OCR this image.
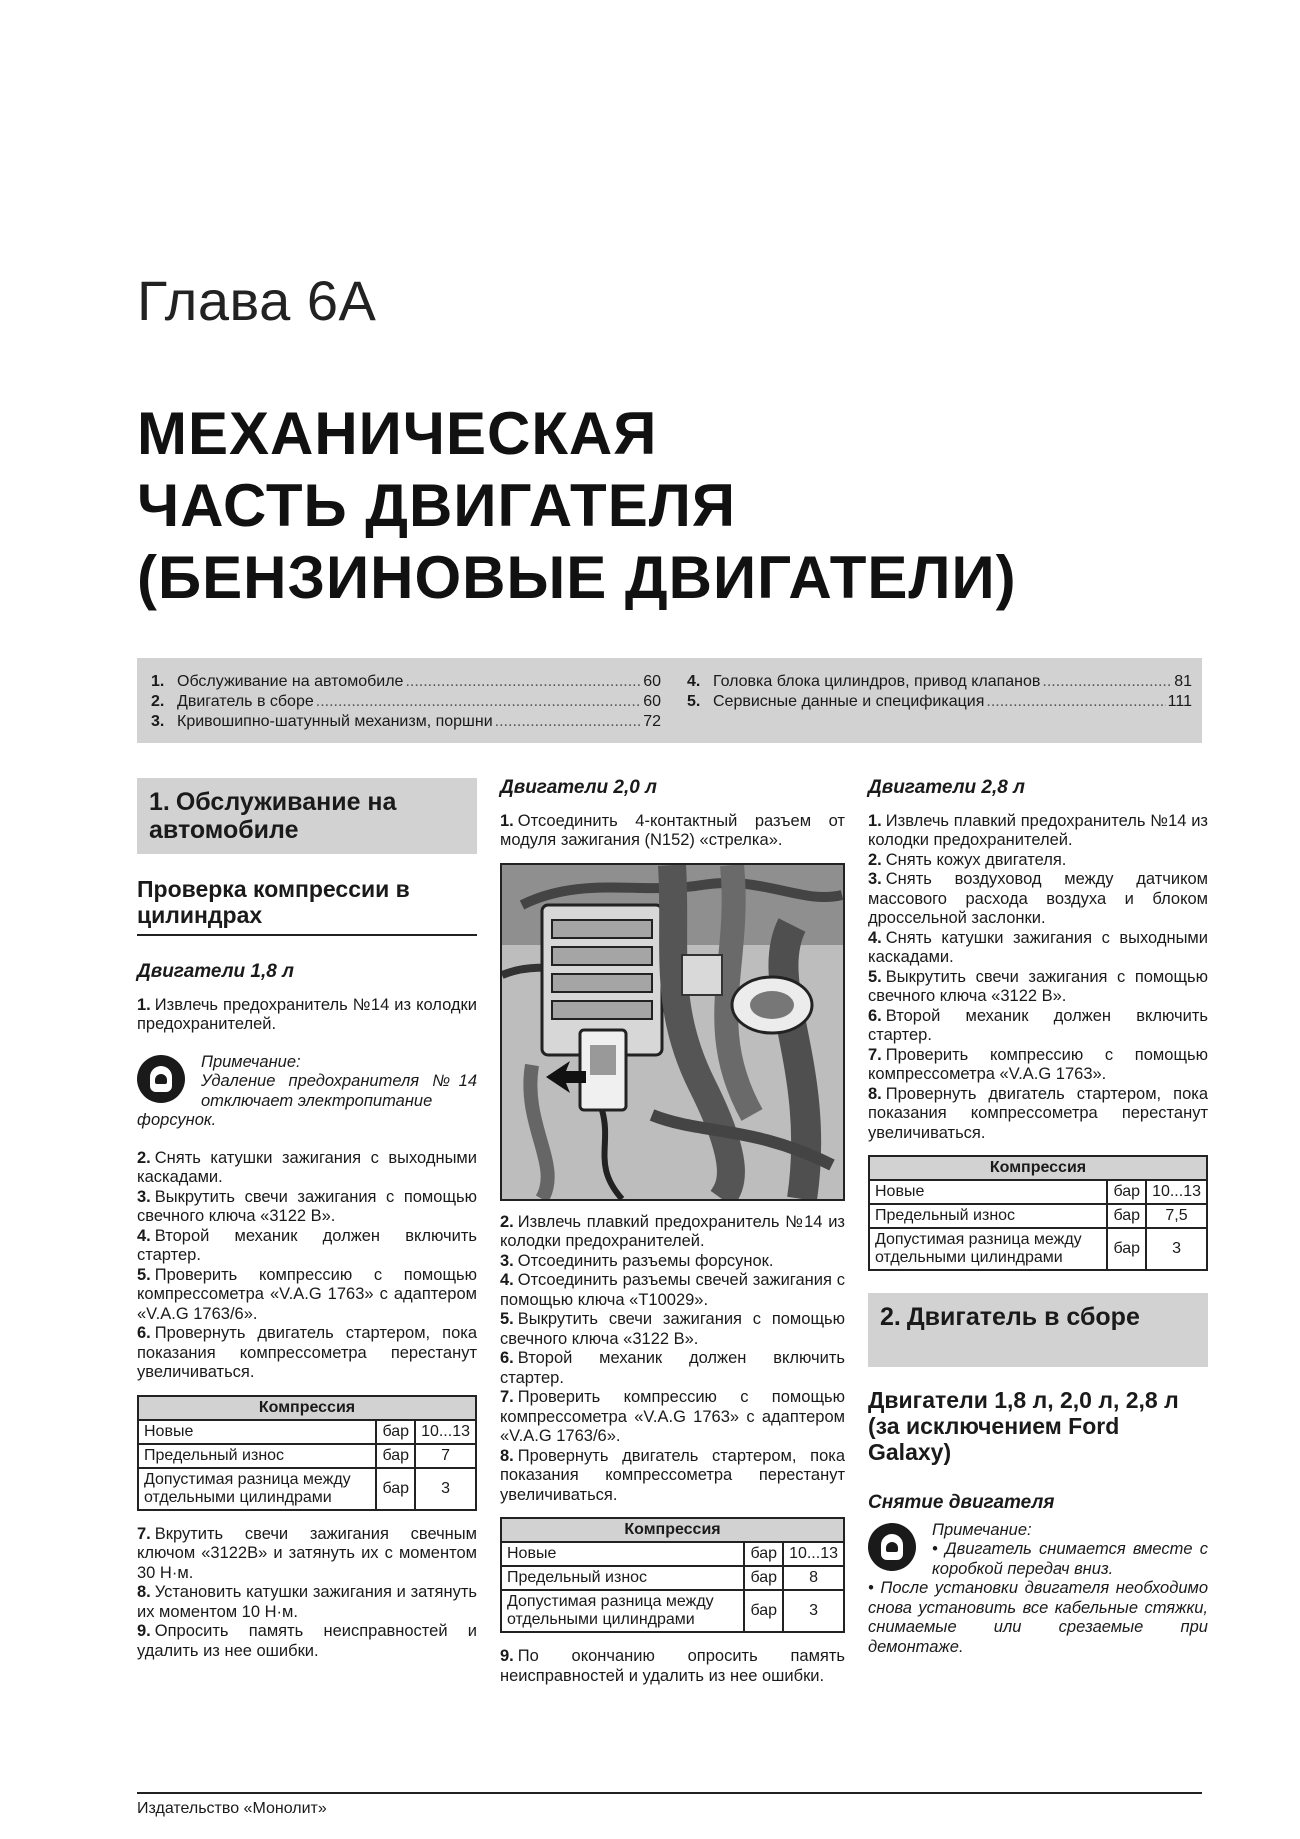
Глава 6А
МЕХАНИЧЕСКАЯ
ЧАСТЬ ДВИГАТЕЛЯ
(БЕНЗИНОВЫЕ ДВИГАТЕЛИ)
1. Обслуживание на автомобиле .....	60
2. Двигатель в сборе .....	60
3. Кривошипно-шатунный механизм, поршни .....	72
4. Головка блока цилиндров, привод клапанов .....	81
5. Сервисные данные и спецификация .....	111
1. Обслуживание на автомобиле
Проверка компрессии в цилиндрах
Двигатели 1,8 л

1. Извлечь предохранитель №14 из колодки предохранителей.

Примечание:
Удаление предохранителя №14 отключает электропитание
форсунок.

2. Снять катушки зажигания с выходными каскадами.

3. Выкрутить свечи зажигания с помощью свечного ключа «3122 В».

4. Второй механик должен включить стартер.

5. Проверить компрессию с помощью компрессометра «V.A.G 1763» с адаптером «V.A.G 1763/6».

6. Провернуть двигатель стартером, пока показания компрессометра перестанут увеличиваться.

Компрессия		
Новые	бар	10...13
Предельный износ	бар	7
Допустимая разница между отдельными цилиндрами	бар	3

7. Вкрутить свечи зажигания свечным ключом «3122В» и затянуть их с моментом 30 Н·м.

8. Установить катушки зажигания и затянуть их моментом 10 Н·м.

9. Опросить память неисправностей и удалить из нее ошибки.

Двигатели 2,0 л

1. Отсоединить 4-контактный разъем от модуля зажигания (N152) «стрелка».

2. Извлечь плавкий предохранитель №14 из колодки предохранителей.

3. Отсоединить разъемы форсунок.

4. Отсоединить разъемы свечей зажигания с помощью ключа «Т10029».

5. Выкрутить свечи зажигания с помощью свечного ключа «3122 В».

6. Второй механик должен включить стартер.

7. Проверить компрессию с помощью компрессометра «V.A.G 1763» с адаптером «V.A.G 1763/6».

8. Провернуть двигатель стартером, пока показания компрессометра перестанут увеличиваться.

Компрессия		
Новые	бар	10...13
Предельный износ	бар	8
Допустимая разница между отдельными цилиндрами	бар	3

9. По окончанию опросить память неисправностей и удалить из нее ошибки.

Двигатели 2,8 л

1. Извлечь плавкий предохранитель №14 из колодки предохранителей.

2. Снять кожух двигателя.

3. Снять воздуховод между датчиком массового расхода воздуха и блоком дроссельной заслонки.

4. Снять катушки зажигания с выходными каскадами.

5. Выкрутить свечи зажигания с помощью свечного ключа «3122 В».

6. Второй механик должен включить стартер.

7. Проверить компрессию с помощью компрессометра «V.A.G 1763».

8. Провернуть двигатель стартером, пока показания компрессометра перестанут увеличиваться.

Компрессия		
Новые	бар	10...13
Предельный износ	бар	7,5
Допустимая разница между отдельными цилиндрами	бар	3
2. Двигатель в сборе
Двигатели 1,8 л, 2,0 л, 2,8 л (за исключением Ford Galaxy)
Снятие двигателя
Примечание:
• Двигатель снимается вместе с коробкой передач вниз.
• После установки двигателя необходимо снова установить все кабельные стяжки, снимаемые или срезаемые при демонтаже.
Издательство «Монолит»
